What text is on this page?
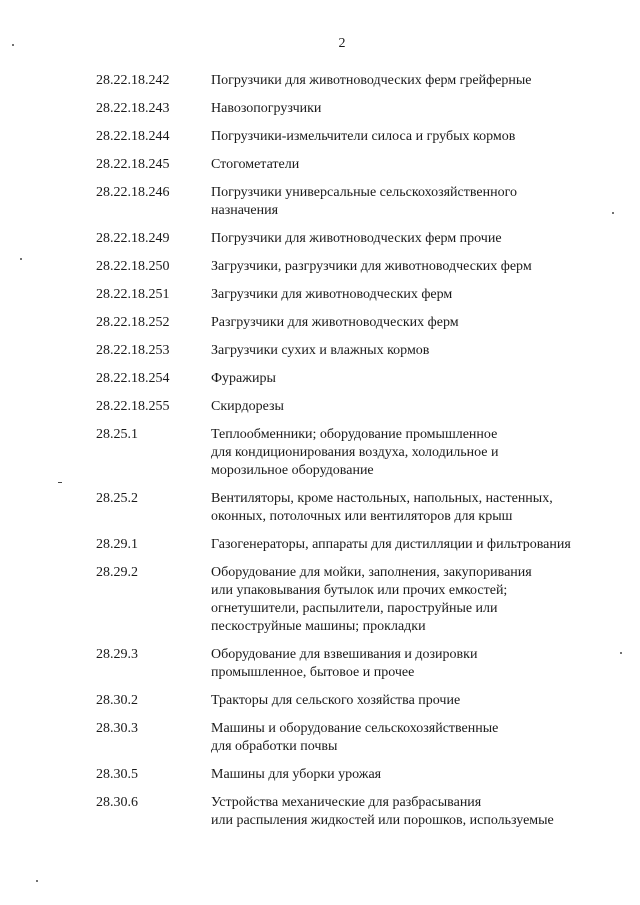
2
28.22.18.242	Погрузчики для животноводческих ферм грейферные
28.22.18.243	Навозопогрузчики
28.22.18.244	Погрузчики-измельчители силоса и грубых кормов
28.22.18.245	Стогометатели
28.22.18.246	Погрузчики универсальные сельскохозяйственного
назначения
28.22.18.249	Погрузчики для животноводческих ферм прочие
28.22.18.250	Загрузчики, разгрузчики для животноводческих ферм
28.22.18.251	Загрузчики для животноводческих ферм
28.22.18.252	Разгрузчики для животноводческих ферм
28.22.18.253	Загрузчики сухих и влажных кормов
28.22.18.254	Фуражиры
28.22.18.255	Скирдорезы
28.25.1	Теплообменники; оборудование промышленное
для кондиционирования воздуха, холодильное и
морозильное оборудование
28.25.2	Вентиляторы, кроме настольных, напольных, настенных,
оконных, потолочных или вентиляторов для крыш
28.29.1	Газогенераторы, аппараты для дистилляции и фильтрования
28.29.2	Оборудование для мойки, заполнения, закупоривания
или упаковывания бутылок или прочих емкостей;
огнетушители, распылители, пароструйные или
пескоструйные машины; прокладки
28.29.3	Оборудование для взвешивания и дозировки
промышленное, бытовое и прочее
28.30.2	Тракторы для сельского хозяйства прочие
28.30.3	Машины и оборудование сельскохозяйственные
для обработки почвы
28.30.5	Машины для уборки урожая
28.30.6	Устройства механические для разбрасывания
или распыления жидкостей или порошков, используемые
